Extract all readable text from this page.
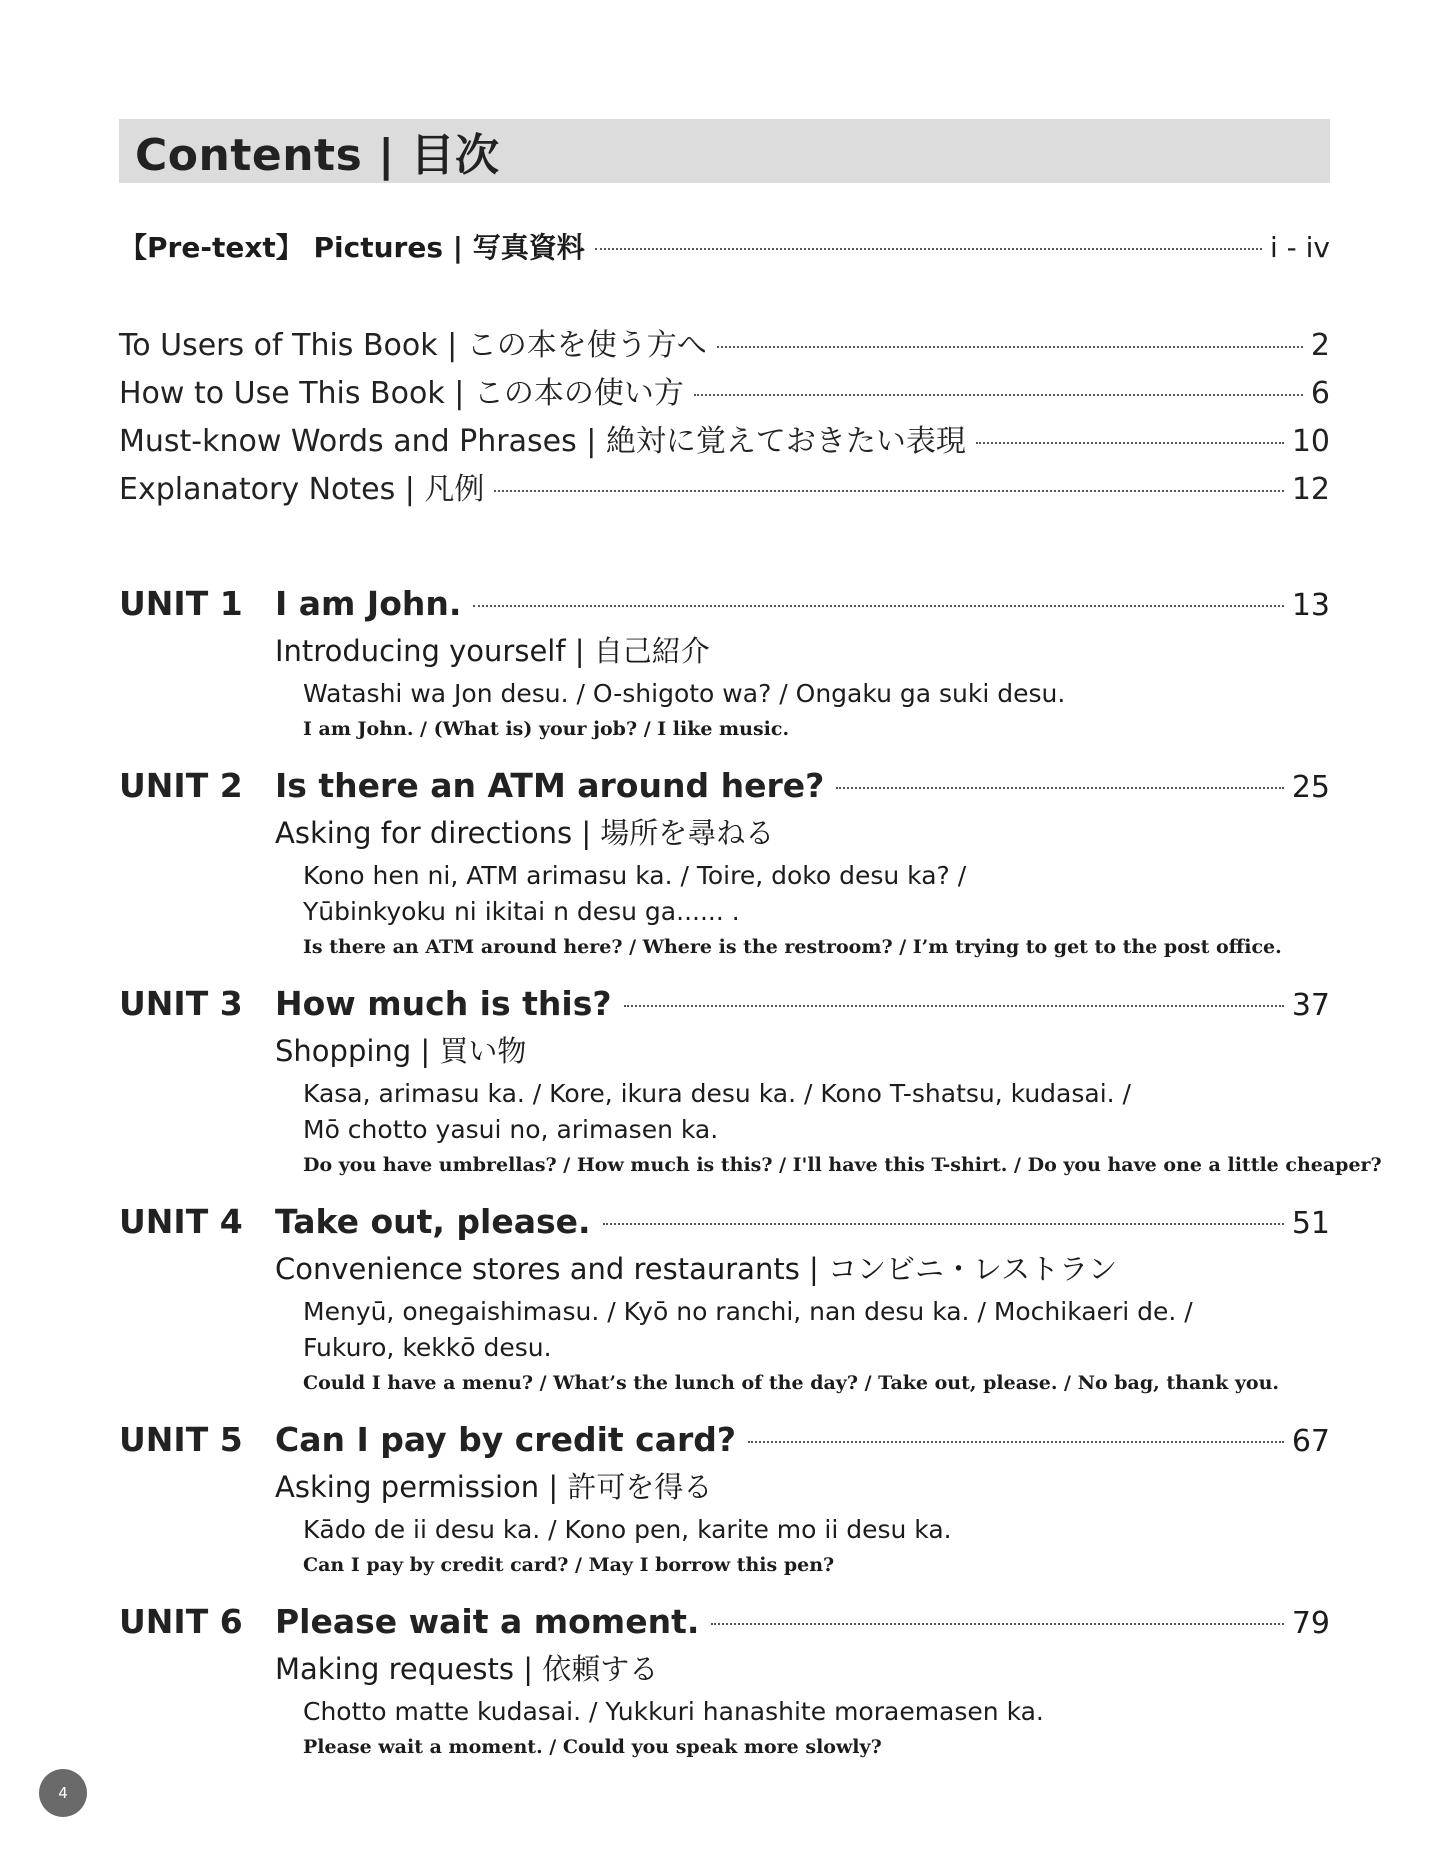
Contents | 目次
【Pre-text】 Pictures | 写真資料	i - iv
To Users of This Book | この本を使う方へ	2
How to Use This Book | この本の使い方	6
Must-know Words and Phrases | 絶対に覚えておきたい表現	10
Explanatory Notes | 凡例	12
UNIT 1 I am John.	13
Introducing yourself | 自己紹介
Watashi wa Jon desu. / O-shigoto wa? / Ongaku ga suki desu.
I am John. / (What is) your job? / I like music.
UNIT 2 Is there an ATM around here?	25
Asking for directions | 場所を尋ねる
Kono hen ni, ATM arimasu ka. / Toire, doko desu ka? /
Yūbinkyoku ni ikitai n desu ga...... .
Is there an ATM around here? / Where is the restroom? / I’m trying to get to the post office.
UNIT 3 How much is this?	37
Shopping | 買い物
Kasa, arimasu ka. / Kore, ikura desu ka. / Kono T-shatsu, kudasai. /
Mō chotto yasui no, arimasen ka.
Do you have umbrellas? / How much is this? / I'll have this T-shirt. / Do you have one a little cheaper?
UNIT 4 Take out, please.	51
Convenience stores and restaurants | コンビニ・レストラン
Menyū, onegaishimasu. / Kyō no ranchi, nan desu ka. / Mochikaeri de. /
Fukuro, kekkō desu.
Could I have a menu? / What’s the lunch of the day? / Take out, please. / No bag, thank you.
UNIT 5 Can I pay by credit card?	67
Asking permission | 許可を得る
Kādo de ii desu ka. / Kono pen, karite mo ii desu ka.
Can I pay by credit card? / May I borrow this pen?
UNIT 6 Please wait a moment.	79
Making requests | 依頼する
Chotto matte kudasai. / Yukkuri hanashite moraemasen ka.
Please wait a moment. / Could you speak more slowly?
4
